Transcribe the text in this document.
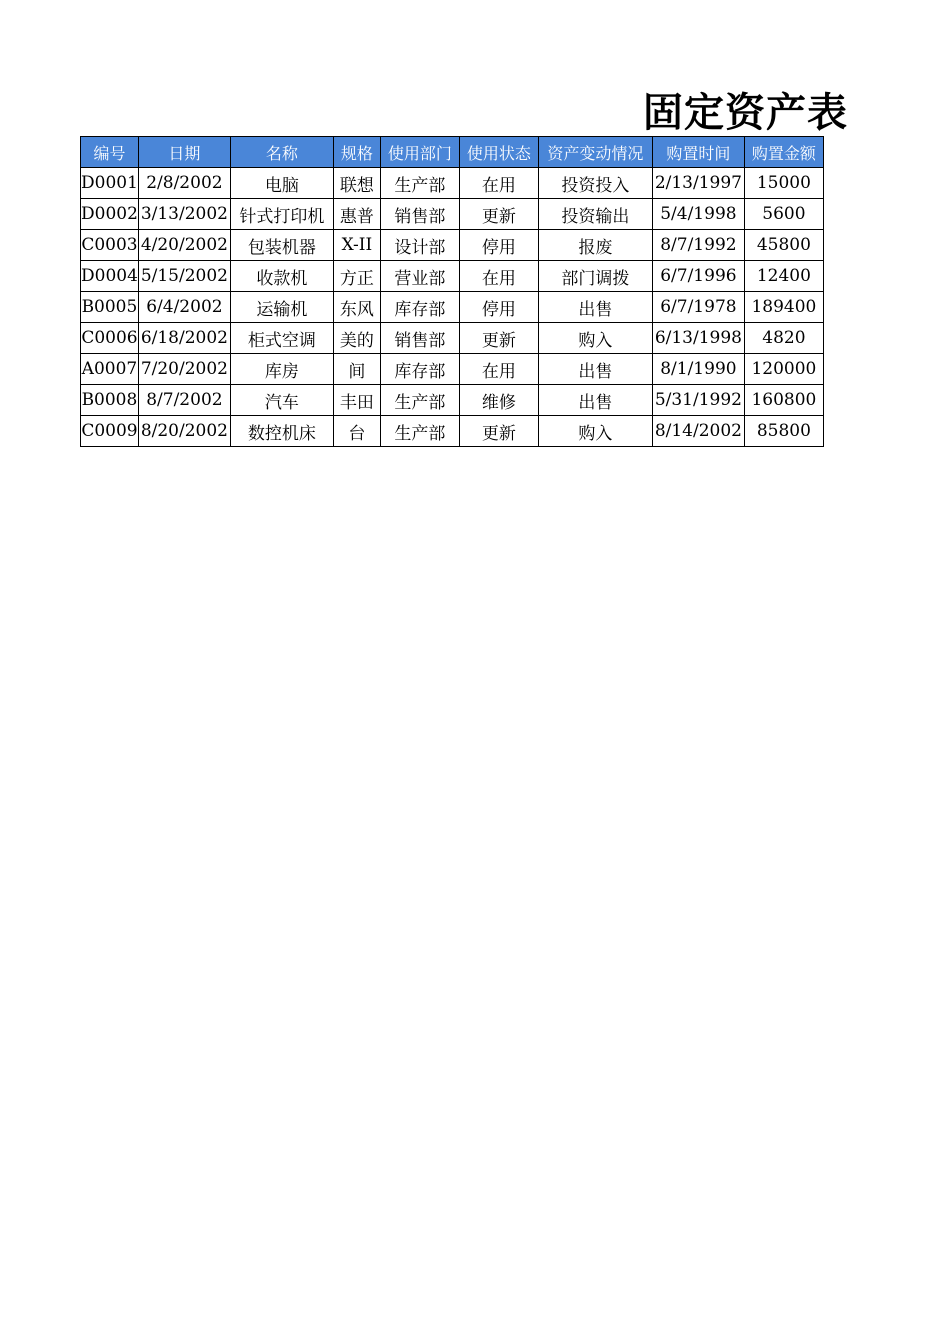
固定资产表
编号	日期	名称	规格	使用部门	使用状态	资产变动情况	购置时间	购置金额
D0001	2/8/2002	电脑	联想	生产部	在用	投资投入	2/13/1997	15000
D0002	3/13/2002	针式打印机	惠普	销售部	更新	投资输出	5/4/1998	5600
C0003	4/20/2002	包装机器	X-II	设计部	停用	报废	8/7/1992	45800
D0004	5/15/2002	收款机	方正	营业部	在用	部门调拨	6/7/1996	12400
B0005	6/4/2002	运输机	东风	库存部	停用	出售	6/7/1978	189400
C0006	6/18/2002	柜式空调	美的	销售部	更新	购入	6/13/1998	4820
A0007	7/20/2002	库房	间	库存部	在用	出售	8/1/1990	120000
B0008	8/7/2002	汽车	丰田	生产部	维修	出售	5/31/1992	160800
C0009	8/20/2002	数控机床	台	生产部	更新	购入	8/14/2002	85800
